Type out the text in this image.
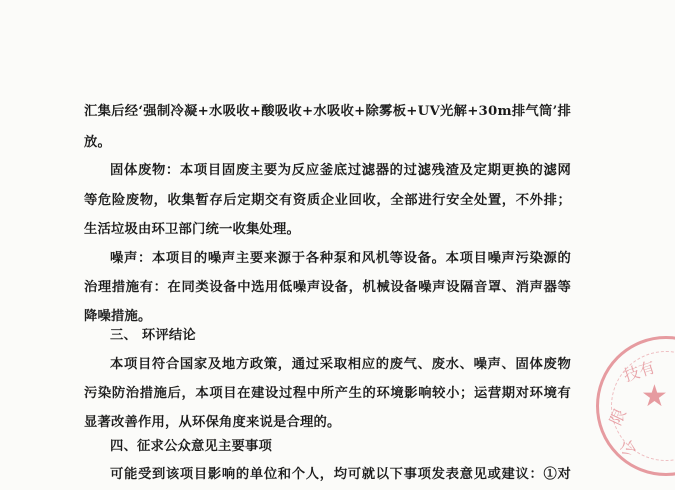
汇集后经‘强制冷凝+水吸收+酸吸收+水吸收+除雾板+UV光解+30m排气筒’排
放。
固体废物：本项目固废主要为反应釜底过滤器的过滤残渣及定期更换的滤网
等危险废物，收集暂存后定期交有资质企业回收，全部进行安全处置，不外排；
生活垃圾由环卫部门统一收集处理。
噪声：本项目的噪声主要来源于各种泵和风机等设备。本项目噪声污染源的
治理措施有：在同类设备中选用低噪声设备，机械设备噪声设隔音罩、消声器等
降噪措施。
三、 环评结论
本项目符合国家及地方政策，通过采取相应的废气、废水、噪声、固体废物
污染防治措施后，本项目在建设过程中所产生的环境影响较小；运营期对环境有
显著改善作用，从环保角度来说是合理的。
四、征求公众意见主要事项
可能受到该项目影响的单位和个人，均可就以下事项发表意见或建议：①对
★
技有
限
公
